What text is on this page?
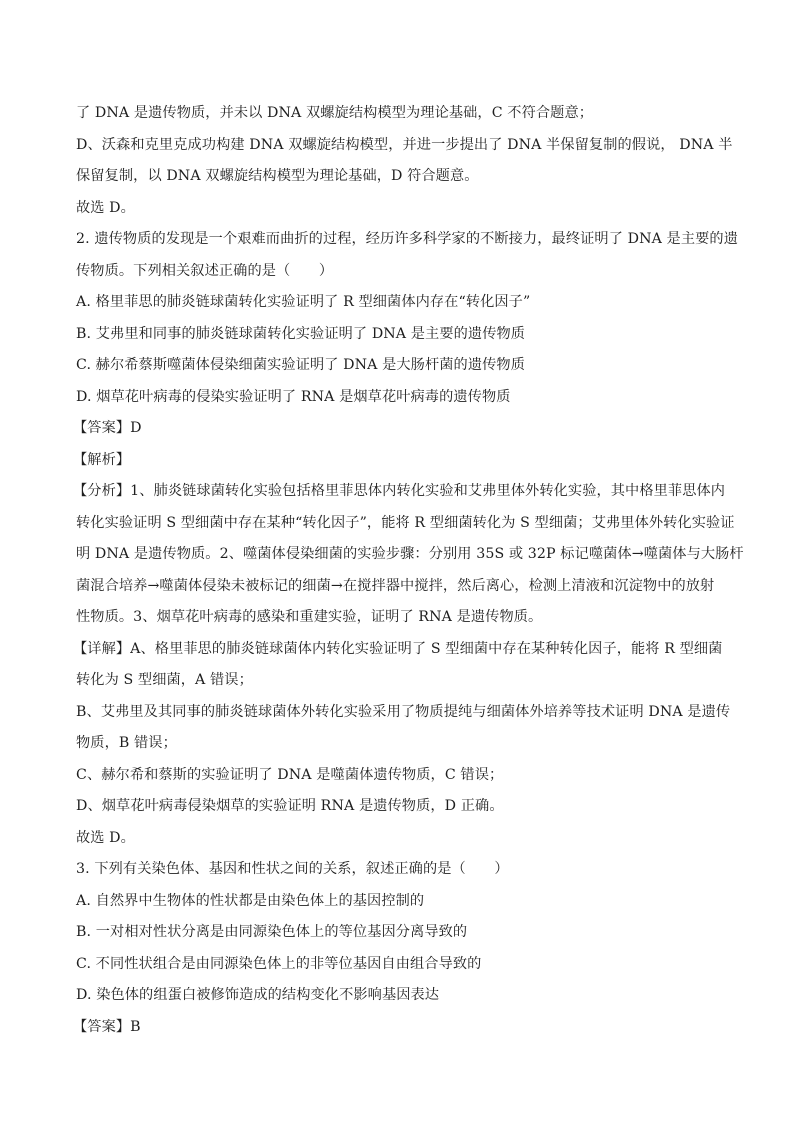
了 DNA 是遗传物质，并未以 DNA 双螺旋结构模型为理论基础，C 不符合题意；
D、沃森和克里克成功构建 DNA 双螺旋结构模型，并进一步提出了 DNA 半保留复制的假说， DNA 半
保留复制，以 DNA 双螺旋结构模型为理论基础，D 符合题意。
故选 D。
2. 遗传物质的发现是一个艰难而曲折的过程，经历许多科学家的不断接力，最终证明了 DNA 是主要的遗
传物质。下列相关叙述正确的是（　　）
A. 格里菲思的肺炎链球菌转化实验证明了 R 型细菌体内存在“转化因子”
B. 艾弗里和同事的肺炎链球菌转化实验证明了 DNA 是主要的遗传物质
C. 赫尔希蔡斯噬菌体侵染细菌实验证明了 DNA 是大肠杆菌的遗传物质
D. 烟草花叶病毒的侵染实验证明了 RNA 是烟草花叶病毒的遗传物质
【答案】D
【解析】
【分析】1、肺炎链球菌转化实验包括格里菲思体内转化实验和艾弗里体外转化实验，其中格里菲思体内
转化实验证明 S 型细菌中存在某种“转化因子”，能将 R 型细菌转化为 S 型细菌；艾弗里体外转化实验证
明 DNA 是遗传物质。2、噬菌体侵染细菌的实验步骤：分别用 35S 或 32P 标记噬菌体→噬菌体与大肠杆
菌混合培养→噬菌体侵染未被标记的细菌→在搅拌器中搅拌，然后离心，检测上清液和沉淀物中的放射
性物质。3、烟草花叶病毒的感染和重建实验，证明了 RNA 是遗传物质。
【详解】A、格里菲思的肺炎链球菌体内转化实验证明了 S 型细菌中存在某种转化因子，能将 R 型细菌
转化为 S 型细菌，A 错误；
B、艾弗里及其同事的肺炎链球菌体外转化实验采用了物质提纯与细菌体外培养等技术证明 DNA 是遗传
物质，B 错误；
C、赫尔希和蔡斯的实验证明了 DNA 是噬菌体遗传物质，C 错误；
D、烟草花叶病毒侵染烟草的实验证明 RNA 是遗传物质，D 正确。
故选 D。
3. 下列有关染色体、基因和性状之间的关系，叙述正确的是（　　）
A. 自然界中生物体的性状都是由染色体上的基因控制的
B. 一对相对性状分离是由同源染色体上的等位基因分离导致的
C. 不同性状组合是由同源染色体上的非等位基因自由组合导致的
D. 染色体的组蛋白被修饰造成的结构变化不影响基因表达
【答案】B
